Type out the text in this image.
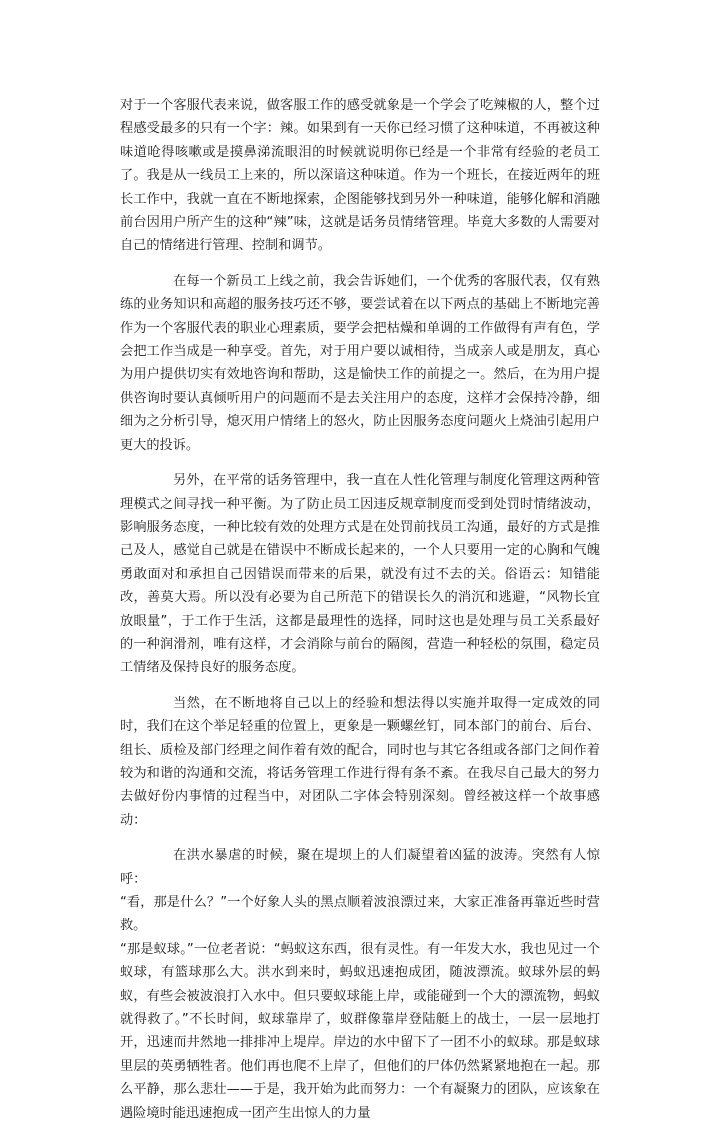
对于一个客服代表来说，做客服工作的感受就象是一个学会了吃辣椒的人，整个过程感受最多的只有一个字：辣。如果到有一天你已经习惯了这种味道，不再被这种味道呛得咳嗽或是摸鼻涕流眼泪的时候就说明你已经是一个非常有经验的老员工了。我是从一线员工上来的，所以深谙这种味道。作为一个班长，在接近两年的班长工作中，我就一直在不断地探索，企图能够找到另外一种味道，能够化解和消融前台因用户所产生的这种“辣”味，这就是话务员情绪管理。毕竟大多数的人需要对自己的情绪进行管理、控制和调节。

在每一个新员工上线之前，我会告诉她们，一个优秀的客服代表，仅有熟练的业务知识和高超的服务技巧还不够，要尝试着在以下两点的基础上不断地完善作为一个客服代表的职业心理素质，要学会把枯燥和单调的工作做得有声有色，学会把工作当成是一种享受。首先，对于用户要以诚相待，当成亲人或是朋友，真心为用户提供切实有效地咨询和帮助，这是愉快工作的前提之一。然后，在为用户提供咨询时要认真倾听用户的问题而不是去关注用户的态度，这样才会保持冷静，细细为之分析引导，熄灭用户情绪上的怒火，防止因服务态度问题火上烧油引起用户更大的投诉。

另外，在平常的话务管理中，我一直在人性化管理与制度化管理这两种管理模式之间寻找一种平衡。为了防止员工因违反规章制度而受到处罚时情绪波动，影响服务态度，一种比较有效的处理方式是在处罚前找员工沟通，最好的方式是推己及人，感觉自己就是在错误中不断成长起来的，一个人只要用一定的心胸和气魄勇敢面对和承担自己因错误而带来的后果，就没有过不去的关。俗语云：知错能改，善莫大焉。所以没有必要为自己所范下的错误长久的消沉和逃避，“风物长宜放眼量”，于工作于生活，这都是最理性的选择，同时这也是处理与员工关系最好的一种润滑剂，唯有这样，才会消除与前台的隔阂，营造一种轻松的氛围，稳定员工情绪及保持良好的服务态度。

当然，在不断地将自己以上的经验和想法得以实施并取得一定成效的同时，我们在这个举足轻重的位置上，更象是一颗螺丝钉，同本部门的前台、后台、组长、质检及部门经理之间作着有效的配合，同时也与其它各组或各部门之间作着较为和谐的沟通和交流，将话务管理工作进行得有条不紊。在我尽自己最大的努力去做好份内事情的过程当中，对团队二字体会特别深刻。曾经被这样一个故事感动：

在洪水暴虐的时候，聚在堤坝上的人们凝望着凶猛的波涛。突然有人惊呼：

“看，那是什么？”一个好象人头的黑点顺着波浪漂过来，大家正准备再靠近些时营救。

“那是蚁球。”一位老者说：“蚂蚁这东西，很有灵性。有一年发大水，我也见过一个蚁球，有篮球那么大。洪水到来时，蚂蚁迅速抱成团，随波漂流。蚁球外层的蚂蚁，有些会被波浪打入水中。但只要蚁球能上岸，或能碰到一个大的漂流物，蚂蚁就得救了。”不长时间，蚁球靠岸了，蚁群像靠岸登陆艇上的战士，一层一层地打开，迅速而井然地一排排冲上堤岸。岸边的水中留下了一团不小的蚁球。那是蚁球里层的英勇牺牲者。他们再也爬不上岸了，但他们的尸体仍然紧紧地抱在一起。那么平静，那么悲壮——于是，我开始为此而努力：一个有凝聚力的团队，应该象在遇险境时能迅速抱成一团产生出惊人的力量
